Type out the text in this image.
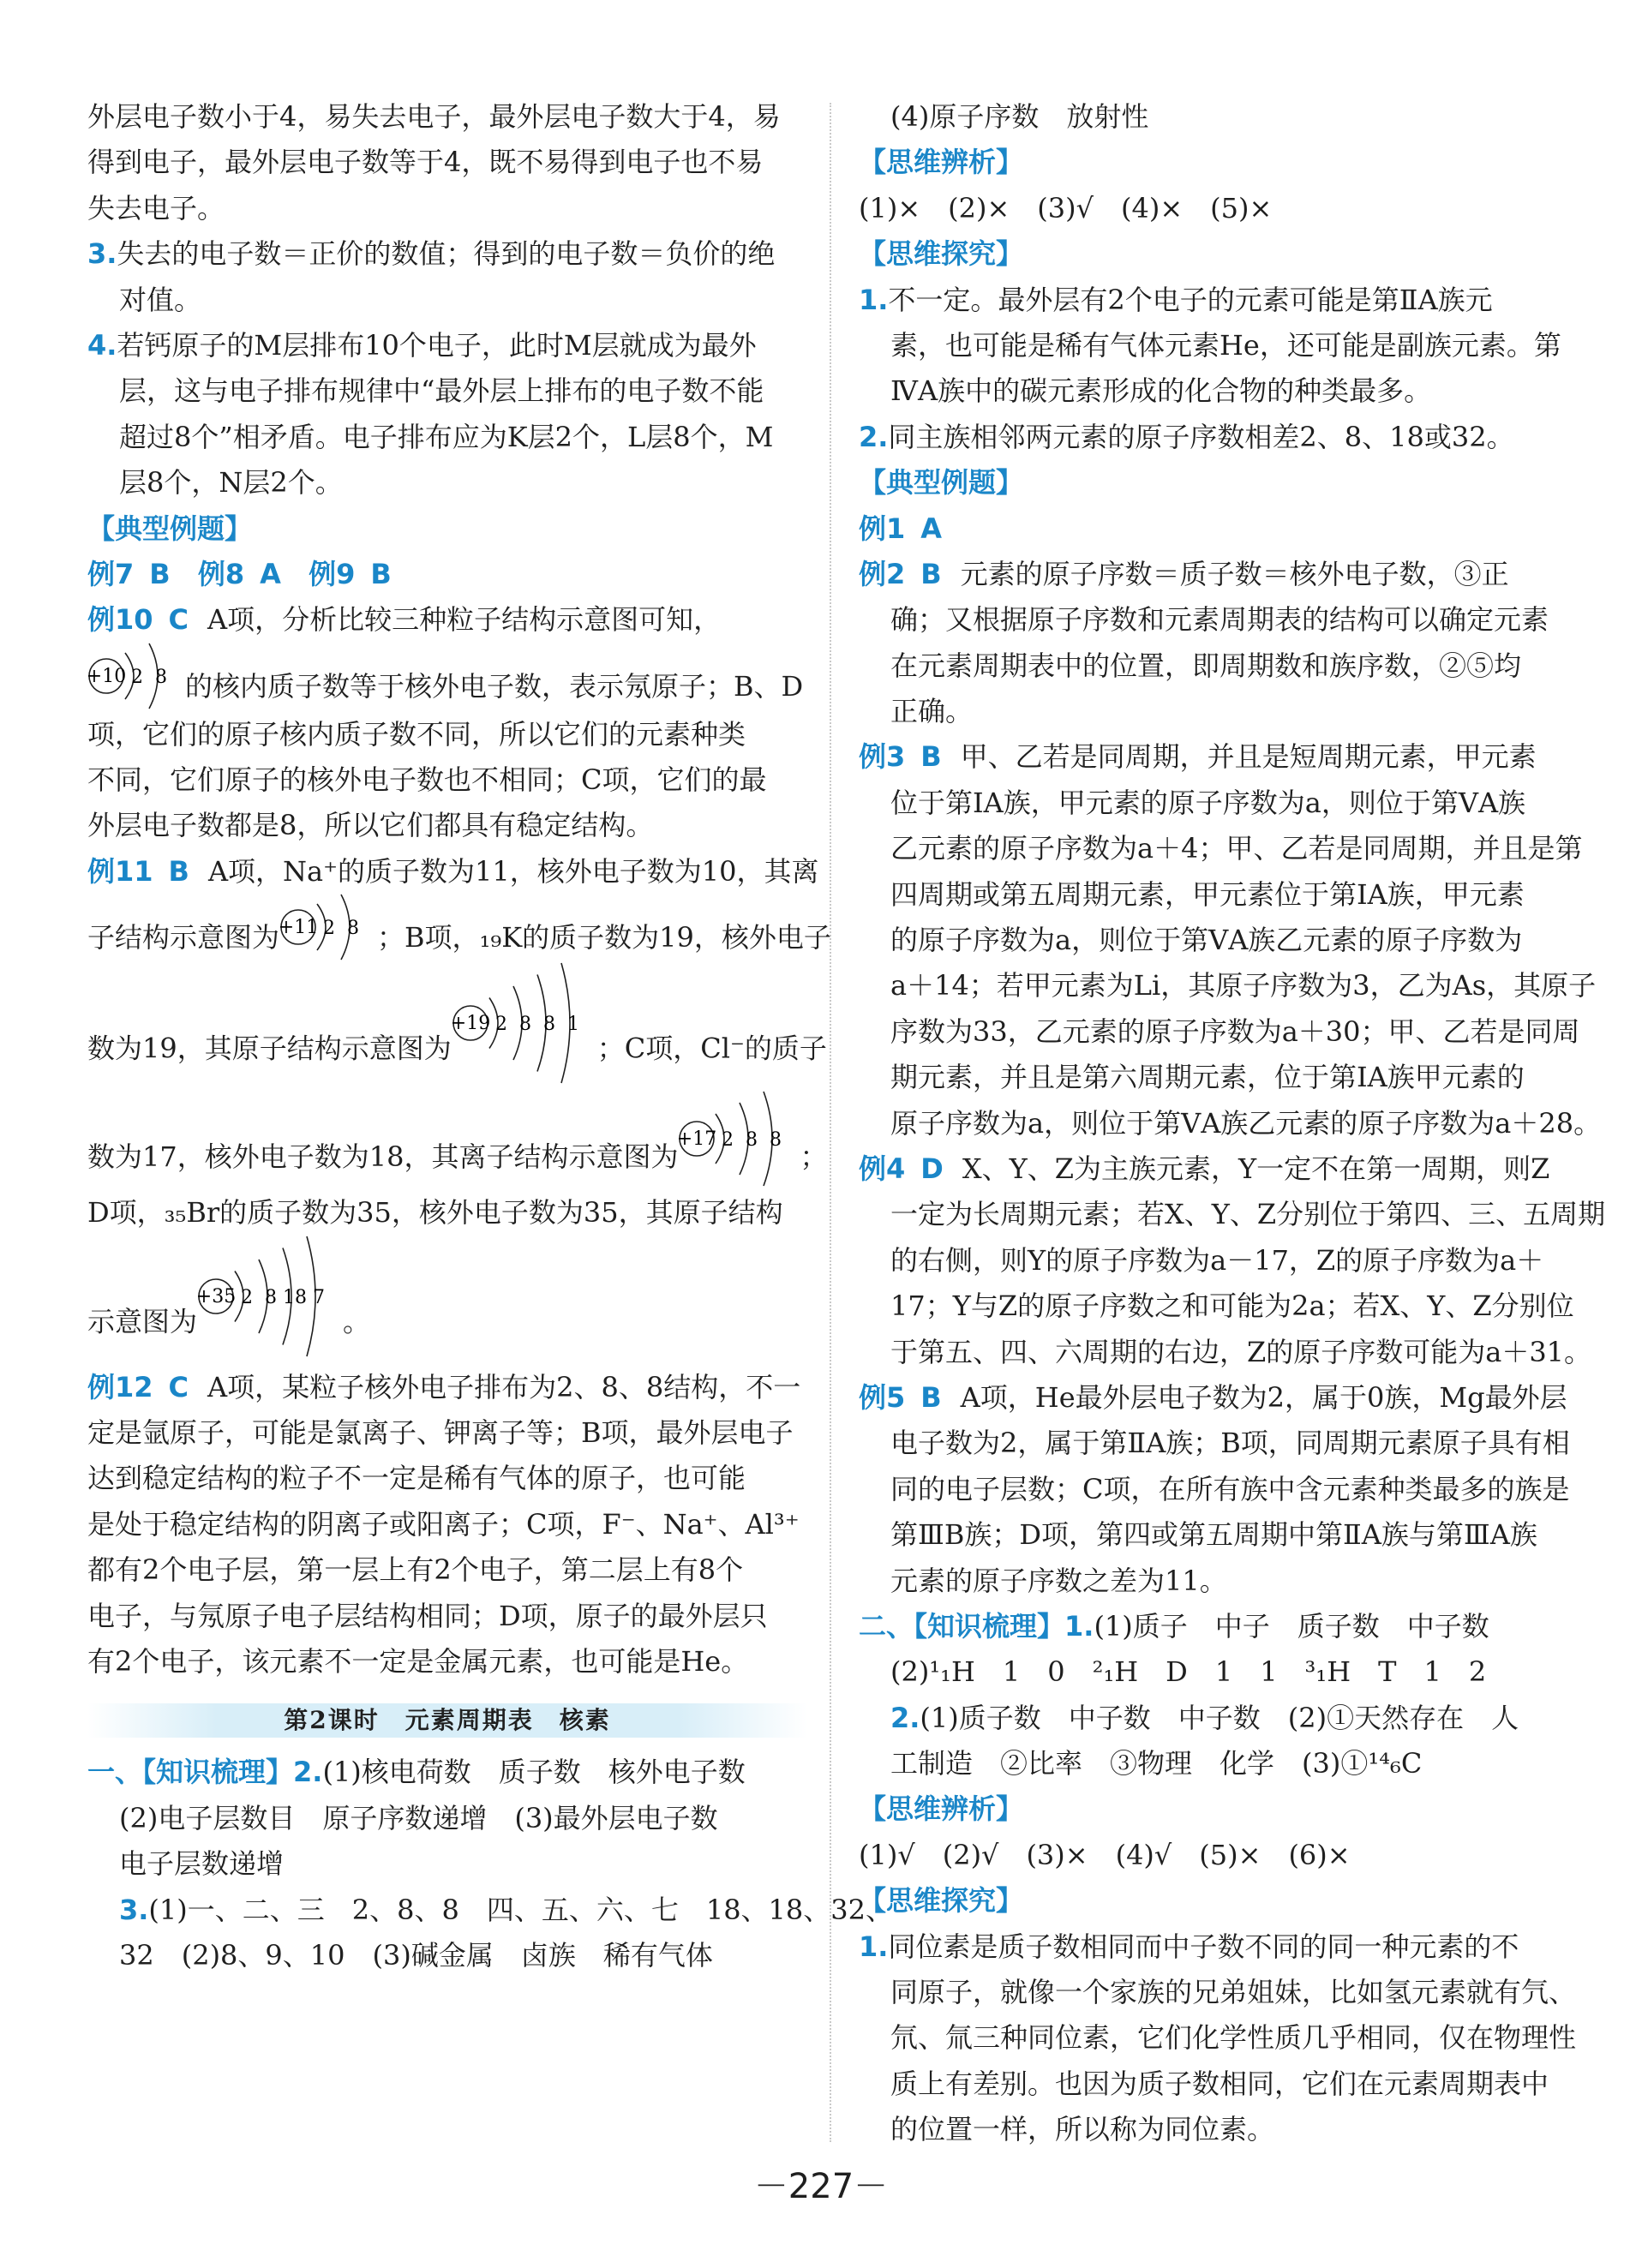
外层电子数小于4，易失去电子，最外层电子数大于4，易
得到电子，最外层电子数等于4，既不易得到电子也不易
失去电子。
3.失去的电子数＝正价的数值；得到的电子数＝负价的绝
对值。
4.若钙原子的M层排布10个电子，此时M层就成为最外
层，这与电子排布规律中“最外层上排布的电子数不能
超过8个”相矛盾。电子排布应为K层2个，L层8个，M
层8个，N层2个。
【典型例题】
例7 B 例8 A 例9 B
例10 C A项，分析比较三种粒子结构示意图可知，
+10 2 8 的核内质子数等于核外电子数，表示氖原子；B、D
项，它们的原子核内质子数不同，所以它们的元素种类
不同，它们原子的核外电子数也不相同；C项，它们的最
外层电子数都是8，所以它们都具有稳定结构。
例11 B A项，Na⁺的质子数为11，核外电子数为10，其离
子结构示意图为
+11 2 8 ；B项，₁₉K的质子数为19，核外电子
数为19，其原子结构示意图为
+19 2 8 8 1
；C项，Cl⁻的质子
数为17，核外电子数为18，其离子结构示意图为
+17 2 8 8
；
D项，₃₅Br的质子数为35，核外电子数为35，其原子结构
示意图为
+35 2 8 18 7
。
例12 C A项，某粒子核外电子排布为2、8、8结构，不一
定是氩原子，可能是氯离子、钾离子等；B项，最外层电子
达到稳定结构的粒子不一定是稀有气体的原子，也可能
是处于稳定结构的阴离子或阳离子；C项，F⁻、Na⁺、Al³⁺
都有2个电子层，第一层上有2个电子，第二层上有8个
电子，与氖原子电子层结构相同；D项，原子的最外层只
有2个电子，该元素不一定是金属元素，也可能是He。
第2课时　元素周期表　核素
一、【知识梳理】2.(1)核电荷数　质子数　核外电子数
(2)电子层数目　原子序数递增　(3)最外层电子数
电子层数递增
3.(1)一、二、三　2、8、8　四、五、六、七　18、18、32、
32　(2)8、9、10　(3)碱金属　卤族　稀有气体
(4)原子序数　放射性
【思维辨析】
(1)×　(2)×　(3)√　(4)×　(5)×
【思维探究】
1.不一定。最外层有2个电子的元素可能是第ⅡA族元
素，也可能是稀有气体元素He，还可能是副族元素。第
ⅣA族中的碳元素形成的化合物的种类最多。
2.同主族相邻两元素的原子序数相差2、8、18或32。
【典型例题】
例1 A
例2 B 元素的原子序数＝质子数＝核外电子数，③正
确；又根据原子序数和元素周期表的结构可以确定元素
在元素周期表中的位置，即周期数和族序数，②⑤均
正确。
例3 B 甲、乙若是同周期，并且是短周期元素，甲元素
位于第ⅠA族，甲元素的原子序数为a，则位于第ⅤA族
乙元素的原子序数为a＋4；甲、乙若是同周期，并且是第
四周期或第五周期元素，甲元素位于第ⅠA族，甲元素
的原子序数为a，则位于第ⅤA族乙元素的原子序数为
a＋14；若甲元素为Li，其原子序数为3，乙为As，其原子
序数为33，乙元素的原子序数为a＋30；甲、乙若是同周
期元素，并且是第六周期元素，位于第ⅠA族甲元素的
原子序数为a，则位于第ⅤA族乙元素的原子序数为a＋28。
例4 D X、Y、Z为主族元素，Y一定不在第一周期，则Z
一定为长周期元素；若X、Y、Z分别位于第四、三、五周期
的右侧，则Y的原子序数为a－17，Z的原子序数为a＋
17；Y与Z的原子序数之和可能为2a；若X、Y、Z分别位
于第五、四、六周期的右边，Z的原子序数可能为a＋31。
例5 B A项，He最外层电子数为2，属于0族，Mg最外层
电子数为2，属于第ⅡA族；B项，同周期元素原子具有相
同的电子层数；C项，在所有族中含元素种类最多的族是
第ⅢB族；D项，第四或第五周期中第ⅡA族与第ⅢA族
元素的原子序数之差为11。
二、【知识梳理】1.(1)质子　中子　质子数　中子数
(2)¹₁H　1　0　²₁H　D　1　1　³₁H　T　1　2
2.(1)质子数　中子数　中子数　(2)①天然存在　人
工制造　②比率　③物理　化学　(3)①¹⁴₆C
【思维辨析】
(1)√　(2)√　(3)×　(4)√　(5)×　(6)×
【思维探究】
1.同位素是质子数相同而中子数不同的同一种元素的不
同原子，就像一个家族的兄弟姐妹，比如氢元素就有氕、
氘、氚三种同位素，它们化学性质几乎相同，仅在物理性
质上有差别。也因为质子数相同，它们在元素周期表中
的位置一样，所以称为同位素。
－227－
